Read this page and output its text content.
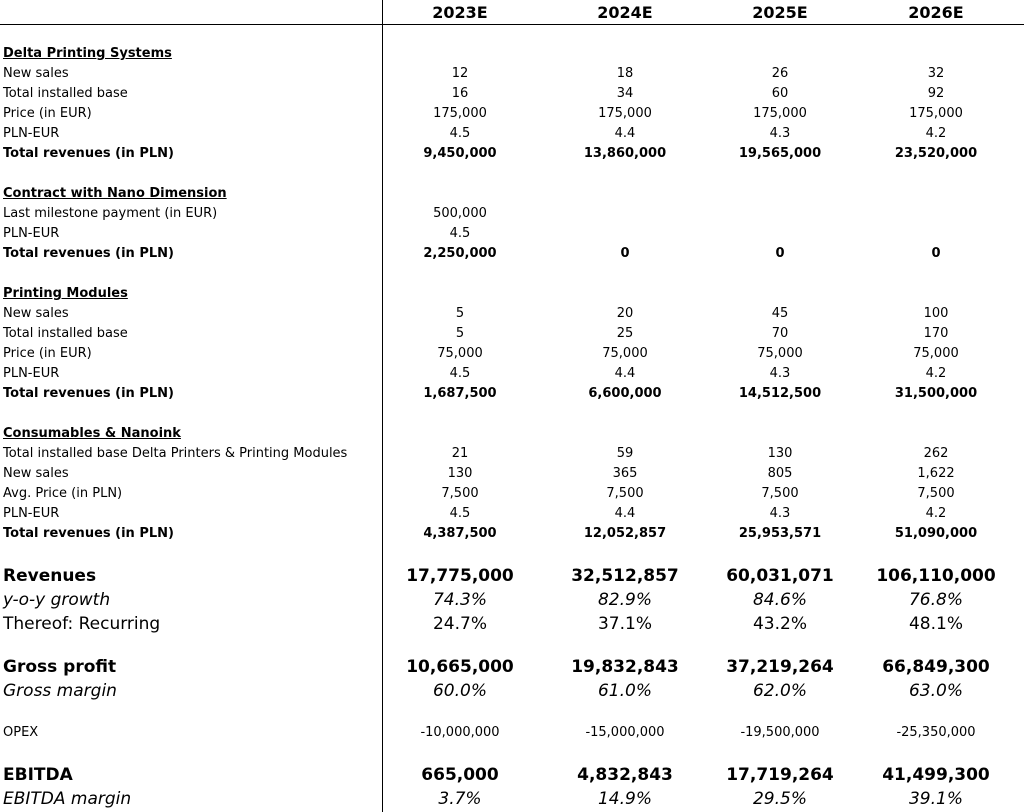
2023E	2024E	2025E	2026E
Delta Printing Systems
New sales	12	18	26	32
Total installed base	16	34	60	92
Price (in EUR)	175,000	175,000	175,000	175,000
PLN-EUR	4.5	4.4	4.3	4.2
Total revenues (in PLN)	9,450,000	13,860,000	19,565,000	23,520,000
Contract with Nano Dimension
Last milestone payment (in EUR)	500,000
PLN-EUR	4.5
Total revenues (in PLN)	2,250,000	0	0	0
Printing Modules
New sales	5	20	45	100
Total installed base	5	25	70	170
Price (in EUR)	75,000	75,000	75,000	75,000
PLN-EUR	4.5	4.4	4.3	4.2
Total revenues (in PLN)	1,687,500	6,600,000	14,512,500	31,500,000
Consumables & Nanoink
Total installed base Delta Printers & Printing Modules	21	59	130	262
New sales	130	365	805	1,622
Avg. Price (in PLN)	7,500	7,500	7,500	7,500
PLN-EUR	4.5	4.4	4.3	4.2
Total revenues (in PLN)	4,387,500	12,052,857	25,953,571	51,090,000
Revenues	17,775,000	32,512,857	60,031,071	106,110,000
y-o-y growth	74.3%	82.9%	84.6%	76.8%
Thereof: Recurring	24.7%	37.1%	43.2%	48.1%
Gross profit	10,665,000	19,832,843	37,219,264	66,849,300
Gross margin	60.0%	61.0%	62.0%	63.0%
OPEX	-10,000,000	-15,000,000	-19,500,000	-25,350,000
EBITDA	665,000	4,832,843	17,719,264	41,499,300
EBITDA margin	3.7%	14.9%	29.5%	39.1%
